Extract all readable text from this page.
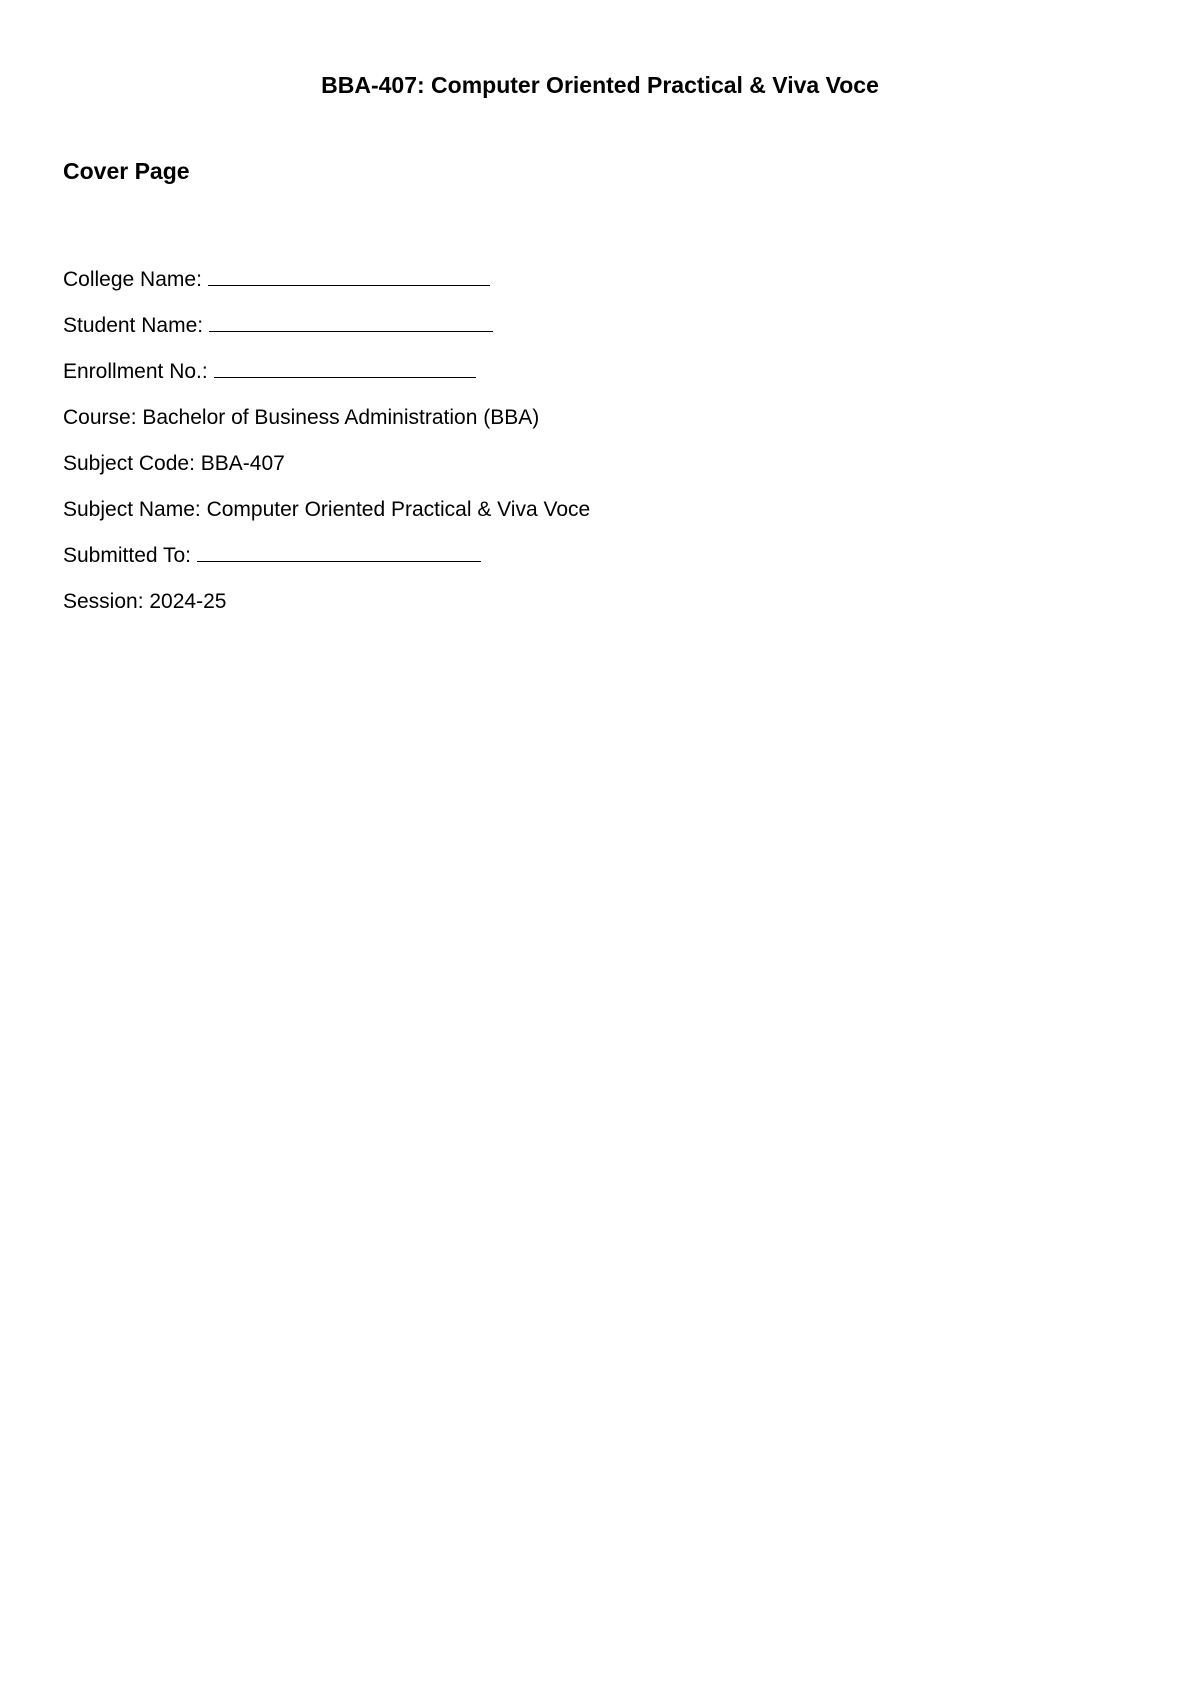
BBA-407: Computer Oriented Practical & Viva Voce
Cover Page
College Name:
Student Name:
Enrollment No.:
Course: Bachelor of Business Administration (BBA)
Subject Code: BBA-407
Subject Name: Computer Oriented Practical & Viva Voce
Submitted To:
Session: 2024-25
